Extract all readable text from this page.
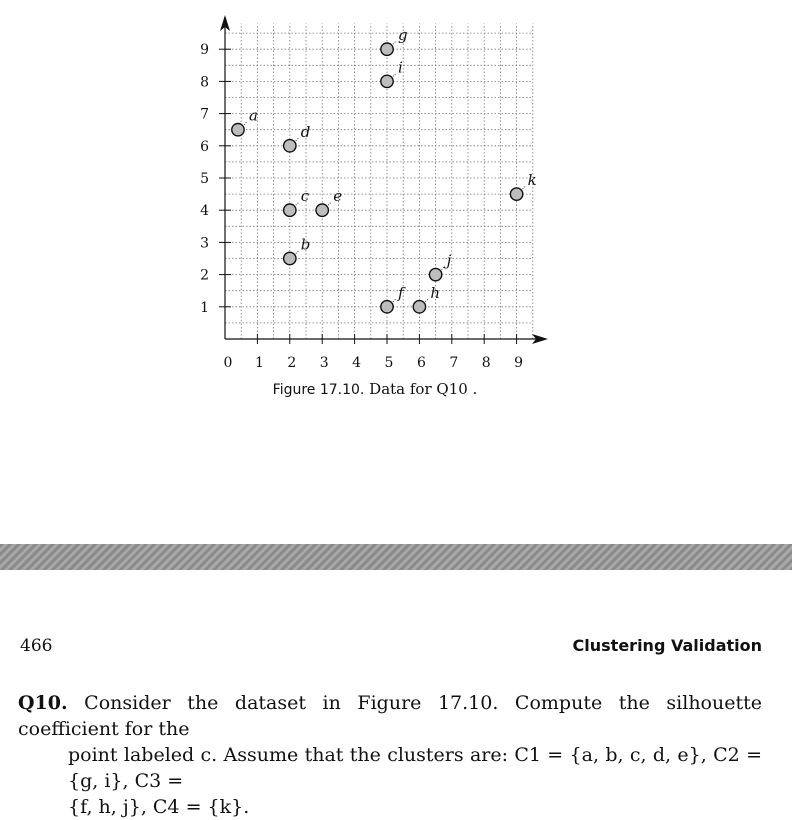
0 1 2 3 4 5 6 7 8 9
1
2
3
4
5
6
7
8
9
a
b
c
d
e
f
g
h
i
j
k
Figure 17.10. Data for Q10 .
466	Clustering Validation
Q10. Consider the dataset in Figure 17.10. Compute the silhouette coefficient for the
point labeled c. Assume that the clusters are: C1 = {a, b, c, d, e}, C2 = {g, i}, C3 =
{f, h, j}, C4 = {k}.
